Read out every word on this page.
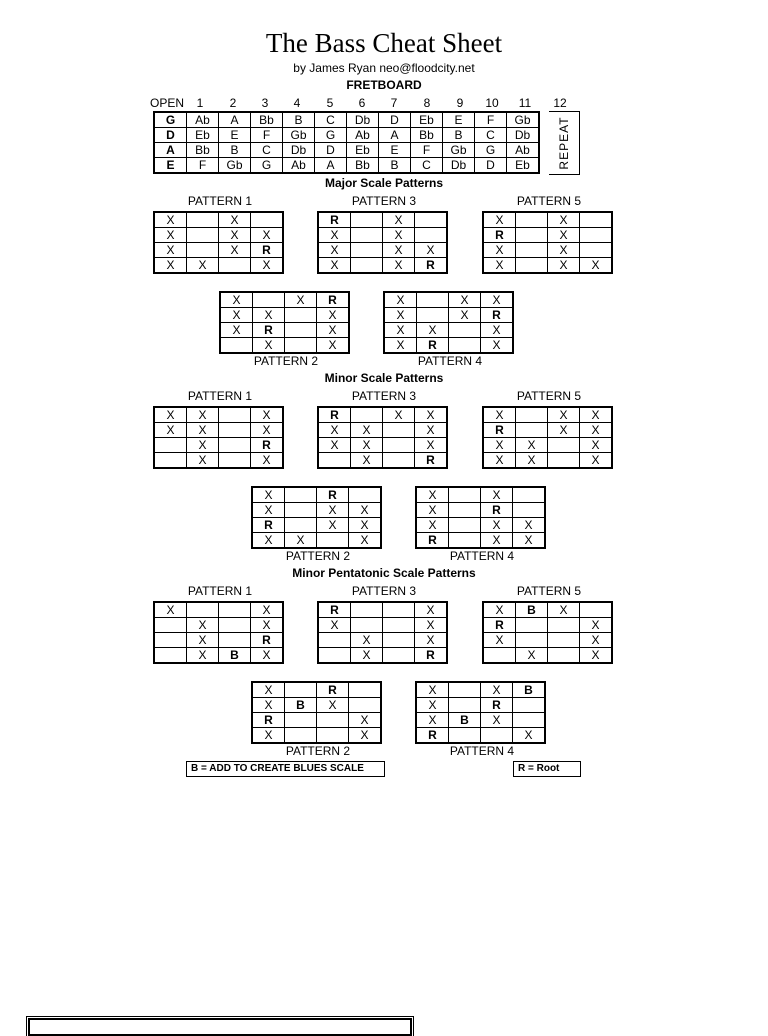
The Bass Cheat Sheet
by James Ryan neo@floodcity.net
FRETBOARD
OPEN	1	2	3	4	5	6	7	8	9	10	11	12
G	Ab	A	Bb	B	C	Db	D	Eb	E	F	Gb
D	Eb	E	F	Gb	G	Ab	A	Bb	B	C	Db
A	Bb	B	C	Db	D	Eb	E	F	Gb	G	Ab
E	F	Gb	G	Ab	A	Bb	B	C	Db	D	Eb REPEAT
Major Scale Patterns
PATTERN 1
X		X	
X		X	X
X		X	R
X	X		X
PATTERN 3
R		X	
X		X	
X		X	X
X		X	R
PATTERN 5
X		X	
R		X	
X		X	
X		X	X
PATTERN 2
X		X	R
X	X		X
X	R		X
	X		X
PATTERN 4
X		X	X
X		X	R
X	X		X
X	R		X
Minor Scale Patterns
PATTERN 1
X	X		X
X	X		X
	X		R
	X		X
PATTERN 3
R		X	X
X	X		X
X	X		X
	X		R
PATTERN 5
X		X	X
R		X	X
X	X		X
X	X		X
PATTERN 2
X		R	
X		X	X
R		X	X
X	X		X
PATTERN 4
X		X	
X		R	
X		X	X
R		X	X
Minor Pentatonic Scale Patterns
PATTERN 1
X			X
	X		X
	X		R
	X	B	X
PATTERN 3
R			X
X			X
	X		X
	X		R
PATTERN 5
X	B	X	
R			X
X			X
	X		X
PATTERN 2
X		R	
X	B	X	
R			X
X			X
PATTERN 4
X		X	B
X		R	
X	B	X	
R			X
B = ADD TO CREATE BLUES SCALE	R = Root
